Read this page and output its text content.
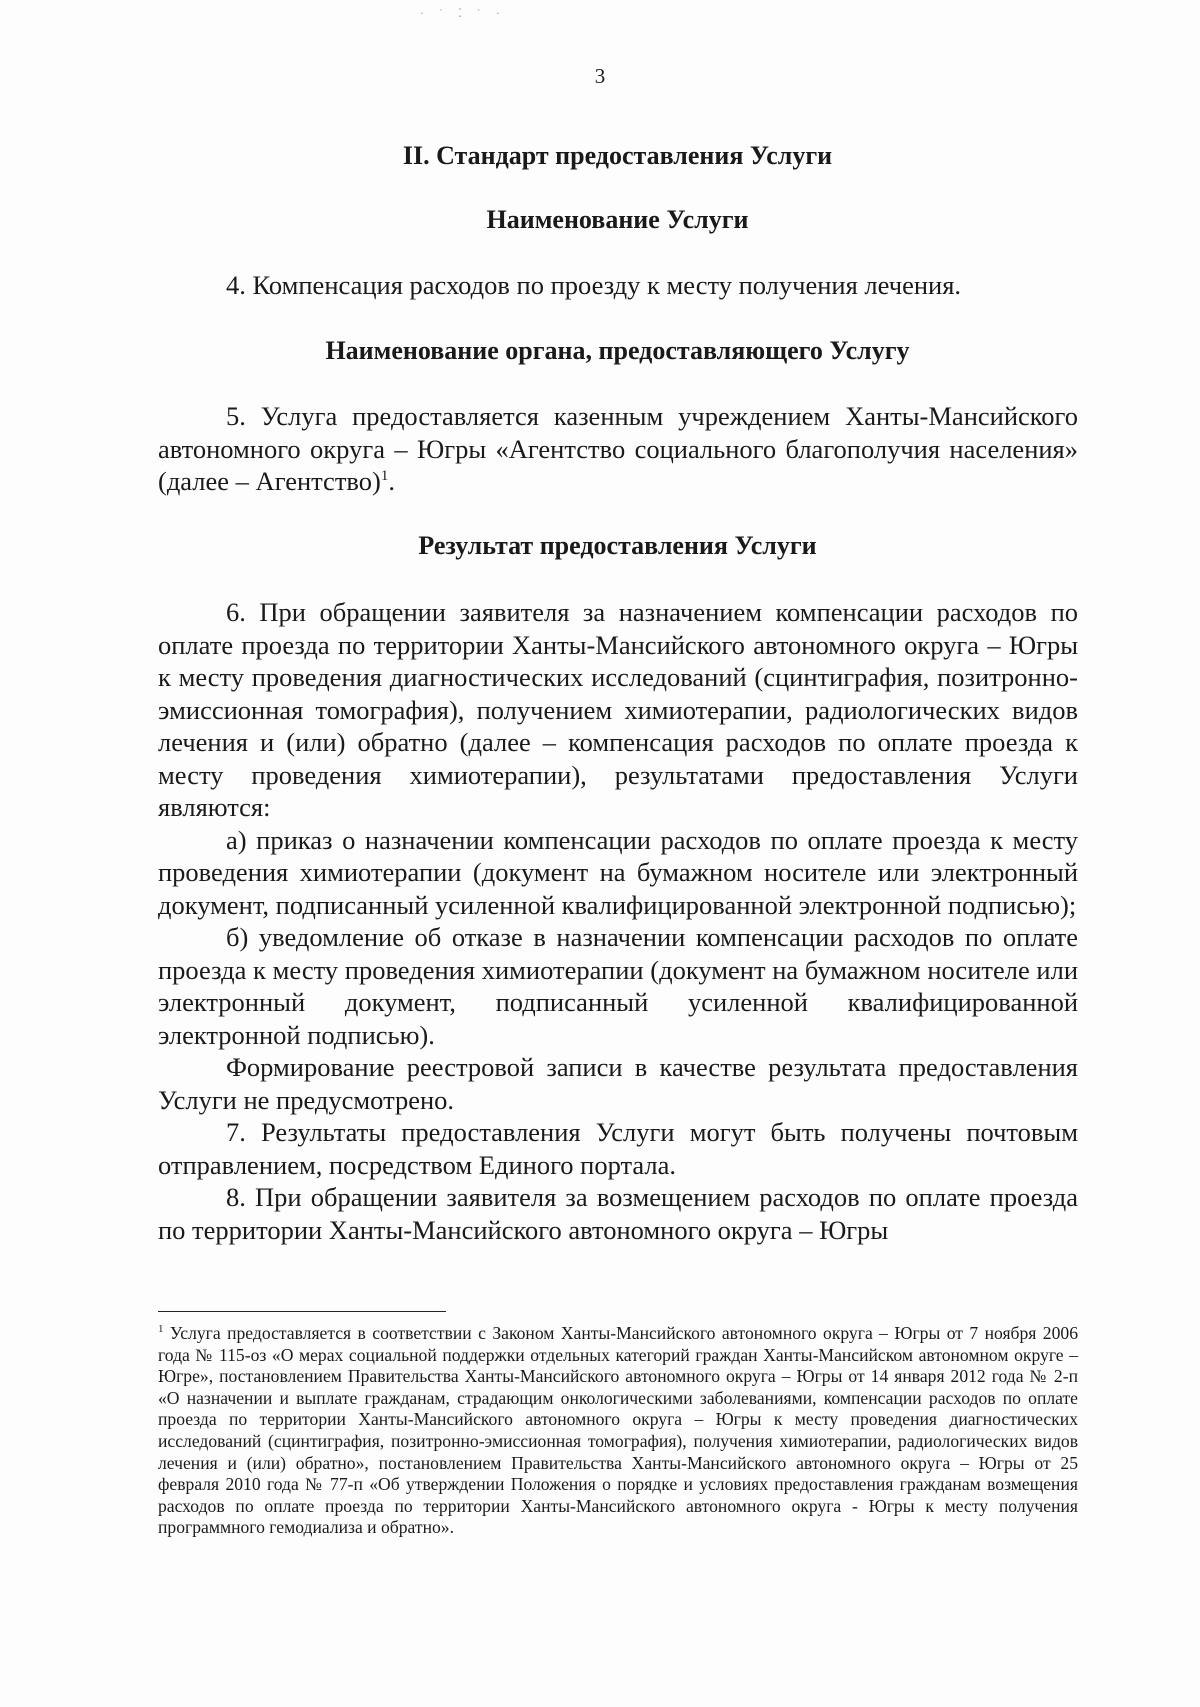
· ˙ ⁚ ˙ ·
3
II. Стандарт предоставления Услуги
Наименование Услуги

4. Компенсация расходов по проезду к месту получения лечения.

Наименование органа, предоставляющего Услугу

5. Услуга предоставляется казенным учреждением Ханты-Мансийского автономного округа – Югры «Агентство социального благополучия населения» (далее – Агентство)$^1$.

Результат предоставления Услуги

6. При обращении заявителя за назначением компенсации расходов по оплате проезда по территории Ханты-Мансийского автономного округа – Югры к месту проведения диагностических исследований (сцинтиграфия, позитронно-эмиссионная томография), получением химиотерапии, радиологических видов лечения и (или) обратно (далее – компенсация расходов по оплате проезда к месту проведения химиотерапии), результатами предоставления Услуги являются:

а) приказ о назначении компенсации расходов по оплате проезда к месту проведения химиотерапии (документ на бумажном носителе или электронный документ, подписанный усиленной квалифицированной электронной подписью);

б) уведомление об отказе в назначении компенсации расходов по оплате проезда к месту проведения химиотерапии (документ на бумажном носителе или электронный документ, подписанный усиленной квалифицированной электронной подписью).

Формирование реестровой записи в качестве результата предоставления Услуги не предусмотрено.

7. Результаты предоставления Услуги могут быть получены почтовым отправлением, посредством Единого портала.

8. При обращении заявителя за возмещением расходов по оплате проезда по территории Ханты-Мансийского автономного округа – Югры

$^1$ Услуга предоставляется в соответствии с Законом Ханты-Мансийского автономного округа – Югры от 7 ноября 2006 года № 115-оз «О мерах социальной поддержки отдельных категорий граждан Ханты-Мансийском автономном округе – Югре», постановлением Правительства Ханты-Мансийского автономного округа – Югры от 14 января 2012 года № 2-п «О назначении и выплате гражданам, страдающим онкологическими заболеваниями, компенсации расходов по оплате проезда по территории Ханты-Мансийского автономного округа – Югры к месту проведения диагностических исследований (сцинтиграфия, позитронно-эмиссионная томография), получения химиотерапии, радиологических видов лечения и (или) обратно», постановлением Правительства Ханты-Мансийского автономного округа – Югры от 25 февраля 2010 года № 77-п «Об утверждении Положения о порядке и условиях предоставления гражданам возмещения расходов по оплате проезда по территории Ханты-Мансийского автономного округа - Югры к месту получения программного гемодиализа и обратно».
